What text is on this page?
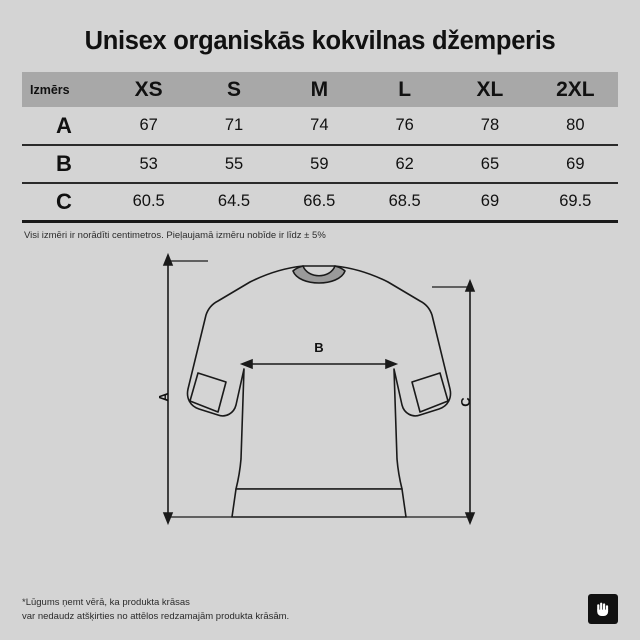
Unisex organiskās kokvilnas džemperis
Izmērs	XS	S	M	L	XL	2XL
A	67	71	74	76	78	80
B	53	55	59	62	65	69
C	60.5	64.5	66.5	68.5	69	69.5
Visi izmēri ir norādīti centimetros. Pieļaujamā izmēru nobīde ir līdz ± 5%
A
B
C
*Lūgums ņemt vērā, ka produkta krāsas
var nedaudz atšķirties no attēlos redzamajām produkta krāsām.
